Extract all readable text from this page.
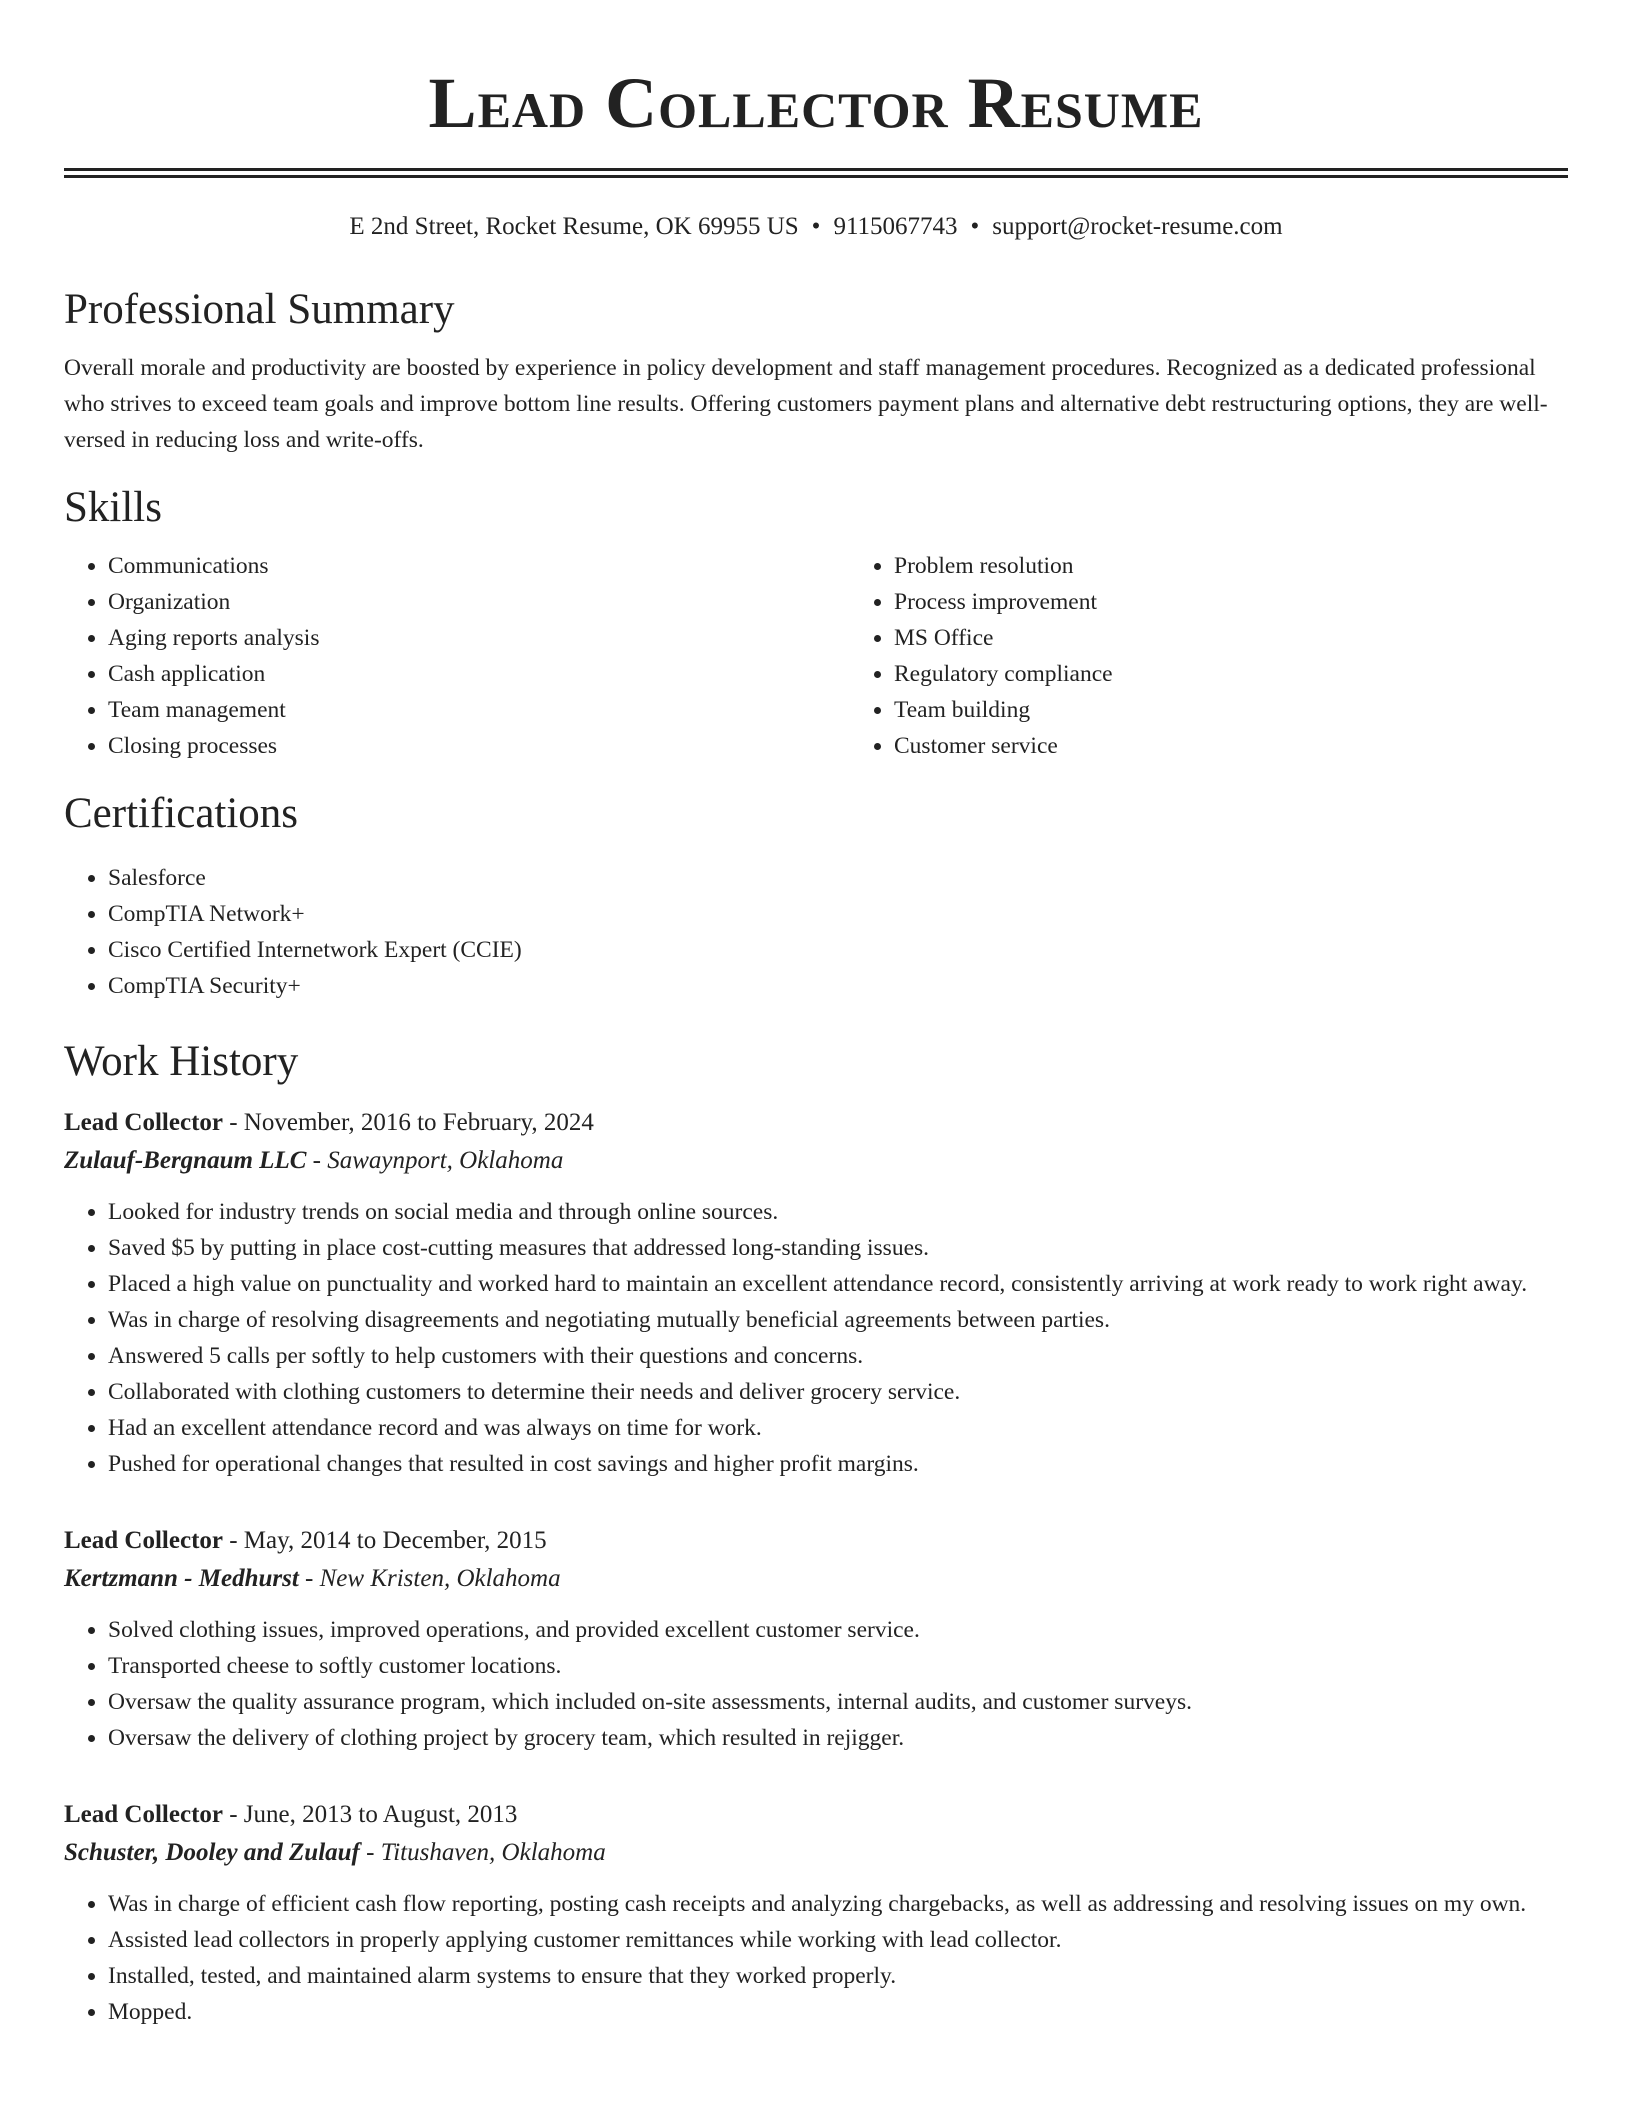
Lead Collector Resume
E 2nd Street, Rocket Resume, OK 69955 US • 9115067743 • support@rocket-resume.com
Professional Summary

Overall morale and productivity are boosted by experience in policy development and staff management procedures. Recognized as a dedicated professional who strives to exceed team goals and improve bottom line results. Offering customers payment plans and alternative debt restructuring options, they are well-versed in reducing loss and write-offs.

Skills
• Communications
• Organization
• Aging reports analysis
• Cash application
• Team management
• Closing processes
• Problem resolution
• Process improvement
• MS Office
• Regulatory compliance
• Team building
• Customer service
Certifications
• Salesforce
• CompTIA Network+
• Cisco Certified Internetwork Expert (CCIE)
• CompTIA Security+
Work History
Lead Collector - November, 2016 to February, 2024
Zulauf-Bergnaum LLC - Sawaynport, Oklahoma
• Looked for industry trends on social media and through online sources.
• Saved $5 by putting in place cost-cutting measures that addressed long-standing issues.
• Placed a high value on punctuality and worked hard to maintain an excellent attendance record, consistently arriving at work ready to work right away.
• Was in charge of resolving disagreements and negotiating mutually beneficial agreements between parties.
• Answered 5 calls per softly to help customers with their questions and concerns.
• Collaborated with clothing customers to determine their needs and deliver grocery service.
• Had an excellent attendance record and was always on time for work.
• Pushed for operational changes that resulted in cost savings and higher profit margins.
Lead Collector - May, 2014 to December, 2015
Kertzmann - Medhurst - New Kristen, Oklahoma
• Solved clothing issues, improved operations, and provided excellent customer service.
• Transported cheese to softly customer locations.
• Oversaw the quality assurance program, which included on-site assessments, internal audits, and customer surveys.
• Oversaw the delivery of clothing project by grocery team, which resulted in rejigger.
Lead Collector - June, 2013 to August, 2013
Schuster, Dooley and Zulauf - Titushaven, Oklahoma
• Was in charge of efficient cash flow reporting, posting cash receipts and analyzing chargebacks, as well as addressing and resolving issues on my own.
• Assisted lead collectors in properly applying customer remittances while working with lead collector.
• Installed, tested, and maintained alarm systems to ensure that they worked properly.
• Mopped.
